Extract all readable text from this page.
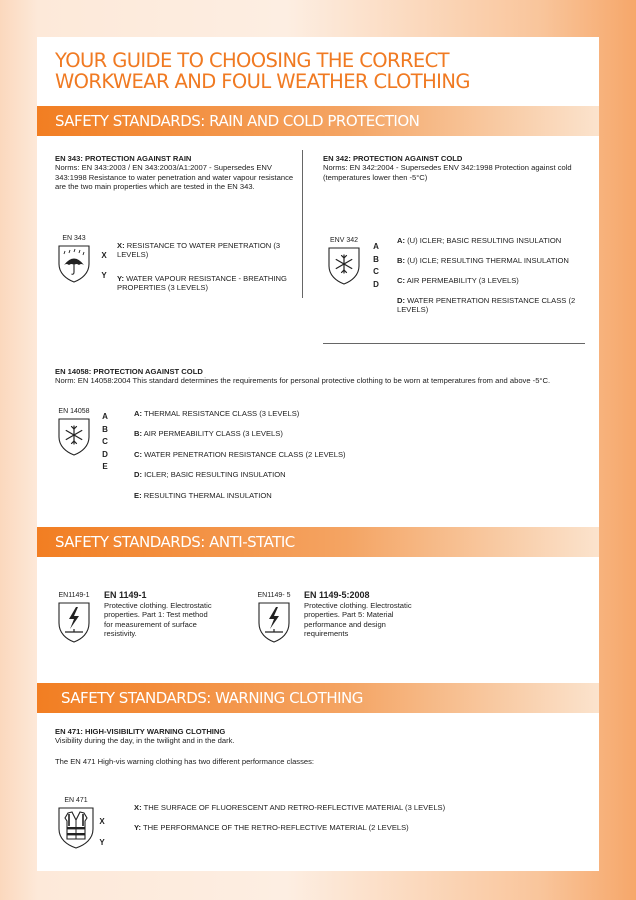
YOUR GUIDE TO CHOOSING THE CORRECT
WORKWEAR AND FOUL WEATHER CLOTHING
SAFETY STANDARDS: RAIN AND COLD PROTECTION
EN 343: PROTECTION AGAINST RAIN
Norms: EN 343:2003 / EN 343:2003/A1:2007 - Supersedes ENV 343:1998 Resistance to water penetration and water vapour resistance are the two main properties which are tested in the EN 343.
EN 343
X
Y
X: RESISTANCE TO WATER PENETRATION (3 LEVELS)
Y: WATER VAPOUR RESISTANCE - BREATHING PROPERTIES (3 LEVELS)
EN 342: PROTECTION AGAINST COLD
Norms: EN 342:2004 - Supersedes ENV 342:1998 Protection against cold (temperatures lower then -5°C)
ENV 342
A
B
C
D
A: (U) ICLER; BASIC RESULTING INSULATION
B: (U) ICLE; RESULTING THERMAL INSULATION
C: AIR PERMEABILITY (3 LEVELS)
D: WATER PENETRATION RESISTANCE CLASS (2 LEVELS)
EN 14058: PROTECTION AGAINST COLD
Norm: EN 14058:2004 This standard determines the requirements for personal protective clothing to be worn at temperatures from and above -5°C.
EN 14058
A
B
C
D
E
A: THERMAL RESISTANCE CLASS (3 LEVELS)
B: AIR PERMEABILITY CLASS (3 LEVELS)
C: WATER PENETRATION RESISTANCE CLASS (2 LEVELS)
D: ICLER; BASIC RESULTING INSULATION
E: RESULTING THERMAL INSULATION
SAFETY STANDARDS: ANTI-STATIC
EN1149-1 EN 1149-1
Protective clothing. Electrostatic properties. Part 1: Test method for measurement of surface resistivity.
EN1149- 5 EN 1149-5:2008
Protective clothing. Electrostatic properties. Part 5: Material performance and design requirements
SAFETY STANDARDS: WARNING CLOTHING
EN 471: HIGH-VISIBILITY WARNING CLOTHING
Visibility during the day, in the twilight and in the dark.
The EN 471 High-vis warning clothing has two different performance classes:
EN 471
X
Y
X: THE SURFACE OF FLUORESCENT AND RETRO-REFLECTIVE MATERIAL (3 LEVELS)
Y: THE PERFORMANCE OF THE RETRO-REFLECTIVE MATERIAL (2 LEVELS)
